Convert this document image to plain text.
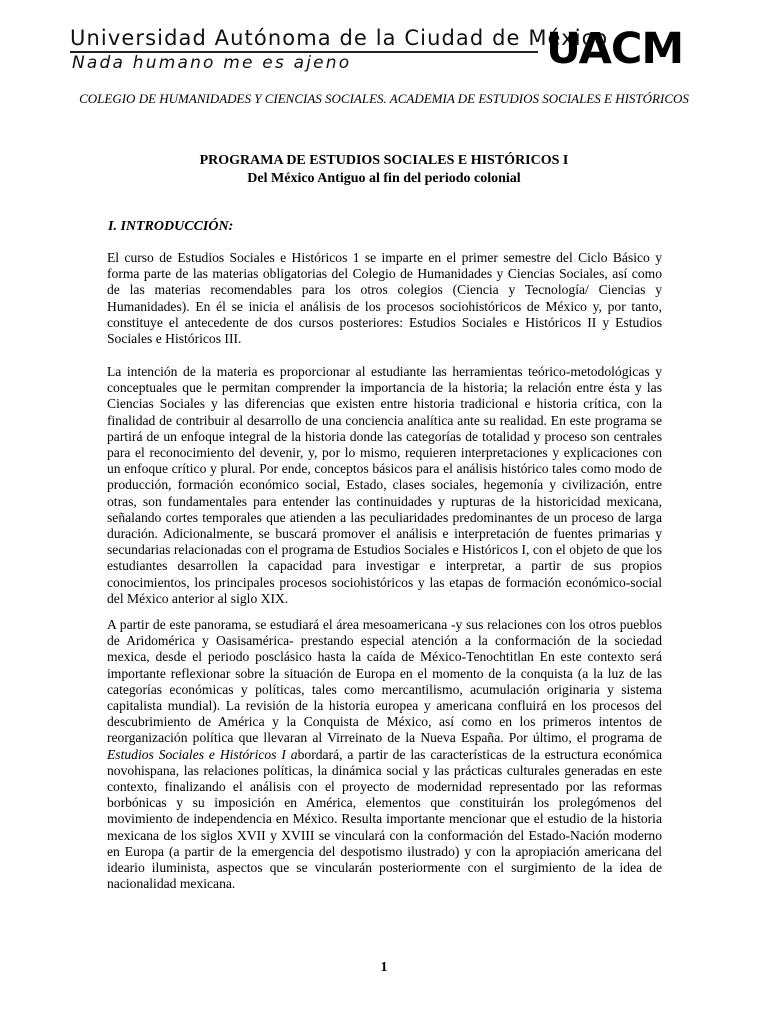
Universidad Autónoma de la Ciudad de México
Nada humano me es ajeno	UACM
COLEGIO DE HUMANIDADES Y CIENCIAS SOCIALES. ACADEMIA DE ESTUDIOS SOCIALES E HISTÓRICOS
PROGRAMA DE ESTUDIOS SOCIALES E HISTÓRICOS I
Del México Antiguo al fin del periodo colonial
I. INTRODUCCIÓN:

El curso de Estudios Sociales e Históricos 1 se imparte en el primer semestre del Ciclo Básico y forma parte de las materias obligatorias del Colegio de Humanidades y Ciencias Sociales, así como de las materias recomendables para los otros colegios (Ciencia y Tecnología/ Ciencias y Humanidades). En él se inicia el análisis de los procesos sociohistóricos de México y, por tanto, constituye el antecedente de dos cursos posteriores: Estudios Sociales e Históricos II y Estudios Sociales e Históricos III.

La intención de la materia es proporcionar al estudiante las herramientas teórico-metodológicas y conceptuales que le permitan comprender la importancia de la historia; la relación entre ésta y las Ciencias Sociales y las diferencias que existen entre historia tradicional e historia crítica, con la finalidad de contribuir al desarrollo de una conciencia analítica ante su realidad. En este programa se partirá de un enfoque integral de la historia donde las categorías de totalidad y proceso son centrales para el reconocimiento del devenir, y, por lo mismo, requieren interpretaciones y explicaciones con un enfoque crítico y plural. Por ende, conceptos básicos para el análisis histórico tales como modo de producción, formación económico social, Estado, clases sociales, hegemonía y civilización, entre otras, son fundamentales para entender las continuidades y rupturas de la historicidad mexicana, señalando cortes temporales que atienden a las peculiaridades predominantes de un proceso de larga duración. Adicionalmente, se buscará promover el análisis e interpretación de fuentes primarias y secundarias relacionadas con el programa de Estudios Sociales e Históricos I, con el objeto de que los estudiantes desarrollen la capacidad para investigar e interpretar, a partir de sus propios conocimientos, los principales procesos sociohistóricos y las etapas de formación económico-social del México anterior al siglo XIX.

A partir de este panorama, se estudiará el área mesoamericana -y sus relaciones con los otros pueblos de Aridomérica y Oasisamérica- prestando especial atención a la conformación de la sociedad mexica, desde el periodo posclásico hasta la caída de México-Tenochtitlan En este contexto será importante reflexionar sobre la situación de Europa en el momento de la conquista (a la luz de las categorías económicas y políticas, tales como mercantilismo, acumulación originaria y sistema capitalista mundial). La revisión de la historia europea y americana confluirá en los procesos del descubrimiento de América y la Conquista de México, así como en los primeros intentos de reorganización política que llevaran al Virreinato de la Nueva España. Por último, el programa de Estudios Sociales e Históricos I abordará, a partir de las características de la estructura económica novohispana, las relaciones políticas, la dinámica social y las prácticas culturales generadas en este contexto, finalizando el análisis con el proyecto de modernidad representado por las reformas borbónicas y su imposición en América, elementos que constituirán los prolegómenos del movimiento de independencia en México. Resulta importante mencionar que el estudio de la historia mexicana de los siglos XVII y XVIII se vinculará con la conformación del Estado-Nación moderno en Europa (a partir de la emergencia del despotismo ilustrado) y con la apropiación americana del ideario iluminista, aspectos que se vincularán posteriormente con el surgimiento de la idea de nacionalidad mexicana.

1
